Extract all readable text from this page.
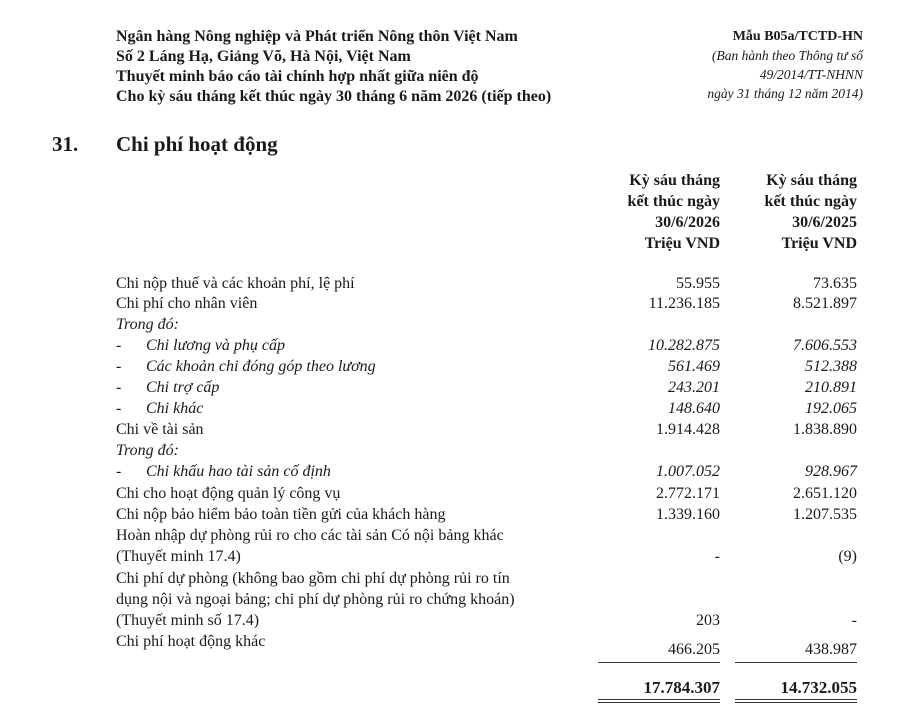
Ngân hàng Nông nghiệp và Phát triển Nông thôn Việt Nam
Số 2 Láng Hạ, Giảng Võ, Hà Nội, Việt Nam
Thuyết minh báo cáo tài chính hợp nhất giữa niên độ
Cho kỳ sáu tháng kết thúc ngày 30 tháng 6 năm 2026 (tiếp theo)
Mẫu B05a/TCTD-HN
(Ban hành theo Thông tư số
49/2014/TT-NHNN
ngày 31 tháng 12 năm 2014)
31. Chi phí hoạt động
Kỳ sáu tháng
kết thúc ngày
30/6/2026
Triệu VND
Kỳ sáu tháng
kết thúc ngày
30/6/2025
Triệu VND
Chi nộp thuế và các khoản phí, lệ phí	55.955	73.635
Chi phí cho nhân viên	11.236.185	8.521.897
Trong đó:
- Chi lương và phụ cấp	10.282.875	7.606.553
- Các khoản chi đóng góp theo lương	561.469	512.388
- Chi trợ cấp	243.201	210.891
- Chi khác	148.640	192.065
Chi về tài sản	1.914.428	1.838.890
Trong đó:
- Chi khấu hao tài sản cố định	1.007.052	928.967
Chi cho hoạt động quản lý công vụ	2.772.171	2.651.120
Chi nộp bảo hiểm bảo toàn tiền gửi của khách hàng	1.339.160	1.207.535
Hoàn nhập dự phòng rủi ro cho các tài sản Có nội bảng khác
(Thuyết minh 17.4)	-	(9)
Chi phí dự phòng (không bao gồm chi phí dự phòng rủi ro tín
dụng nội và ngoại bảng; chi phí dự phòng rủi ro chứng khoán)
(Thuyết minh số 17.4)	203	-
Chi phí hoạt động khác	466.205	438.987
17.784.307	14.732.055
